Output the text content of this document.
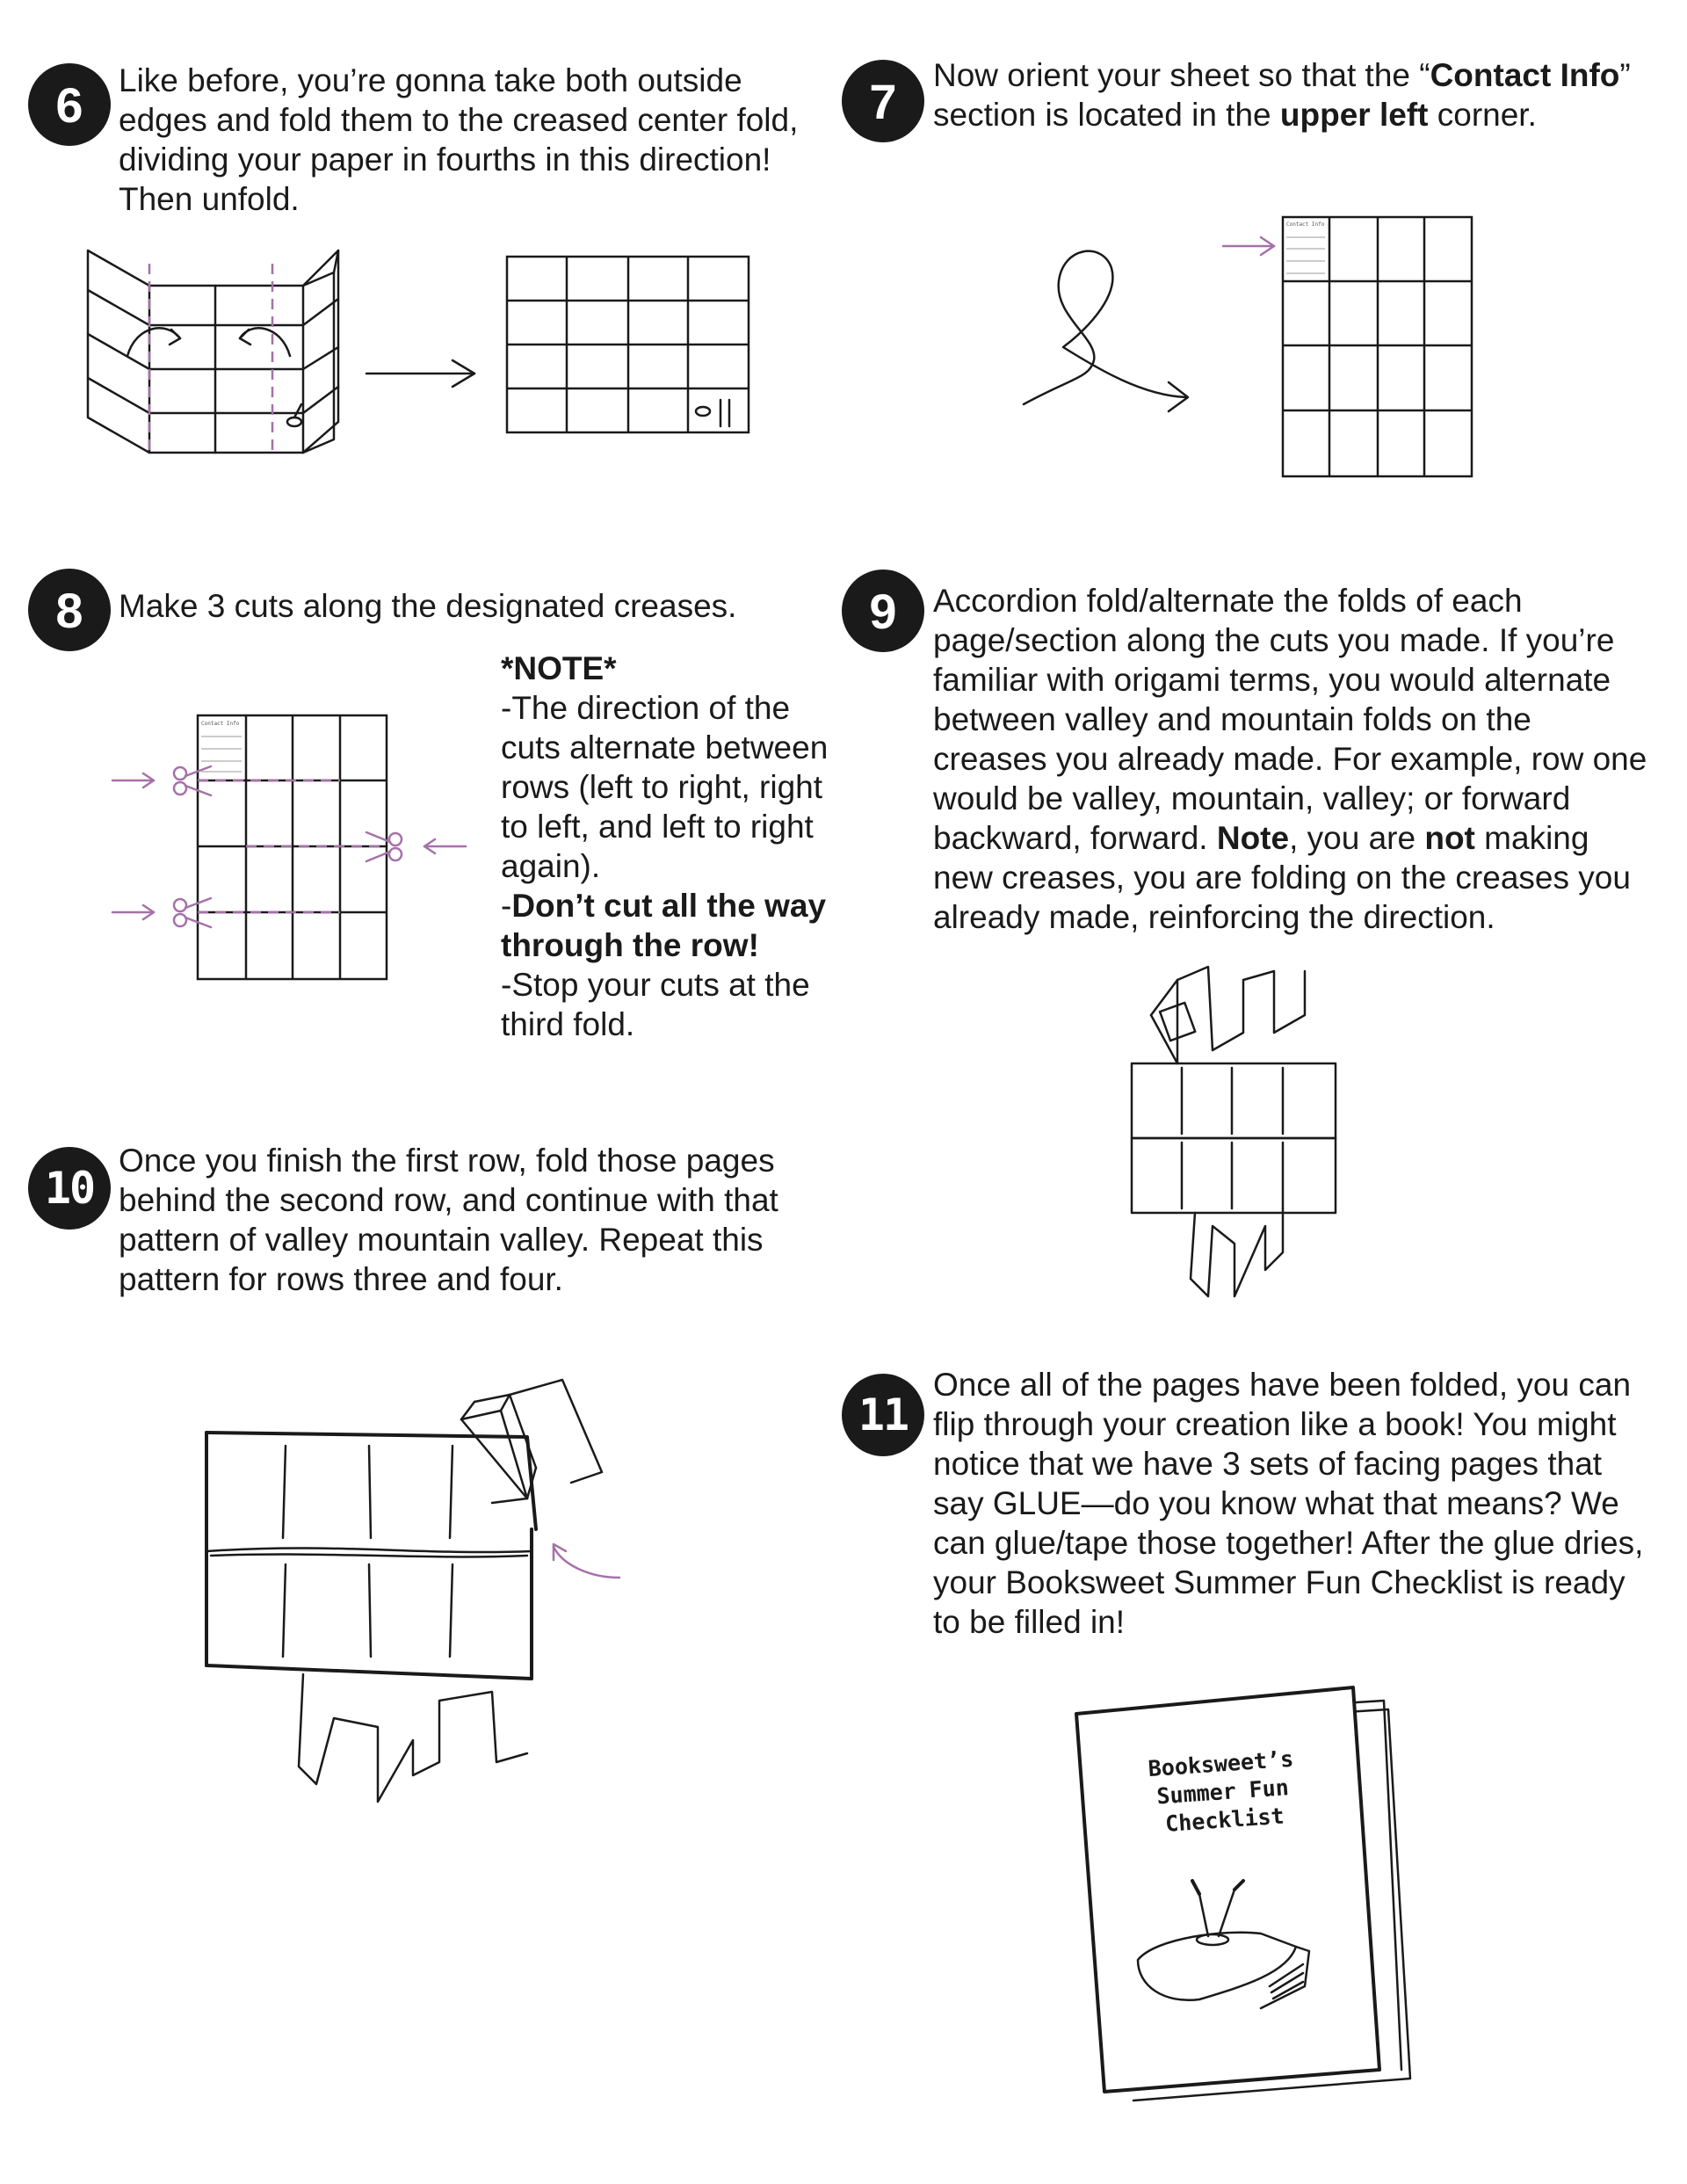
6	Like before, you’re gonna take both outside edges and fold them to the creased center fold, dividing your paper in fourths in this direction! Then unfold.
7	Now orient your sheet so that the “Contact Info” section is located in the upper left corner.
Contact Info
8	Make 3 cuts along the designated creases.

*NOTE*

-The direction of the cuts alternate between rows (left to right, right to left, and left to right again).

-Don’t cut all the way through the row!

-Stop your cuts at the third fold.

Contact Info
9	Accordion fold/alternate the folds of each page/section along the cuts you made. If you’re familiar with origami terms, you would alternate between valley and mountain folds on the creases you already made. For example, row one would be valley, mountain, valley; or forward backward, forward. Note, you are not making new creases, you are folding on the creases you already made, reinforcing the direction.
10
Once you finish the first row, fold those pages behind the second row, and continue with that pattern of valley mountain valley. Repeat this pattern for rows three and four.
11
Once all of the pages have been folded, you can flip through your creation like a book! You might notice that we have 3 sets of facing pages that say GLUE—do you know what that means? We can glue/tape those together! After the glue dries, your Booksweet Summer Fun Checklist is ready to be filled in!
Booksweet’s
Summer Fun
Checklist
